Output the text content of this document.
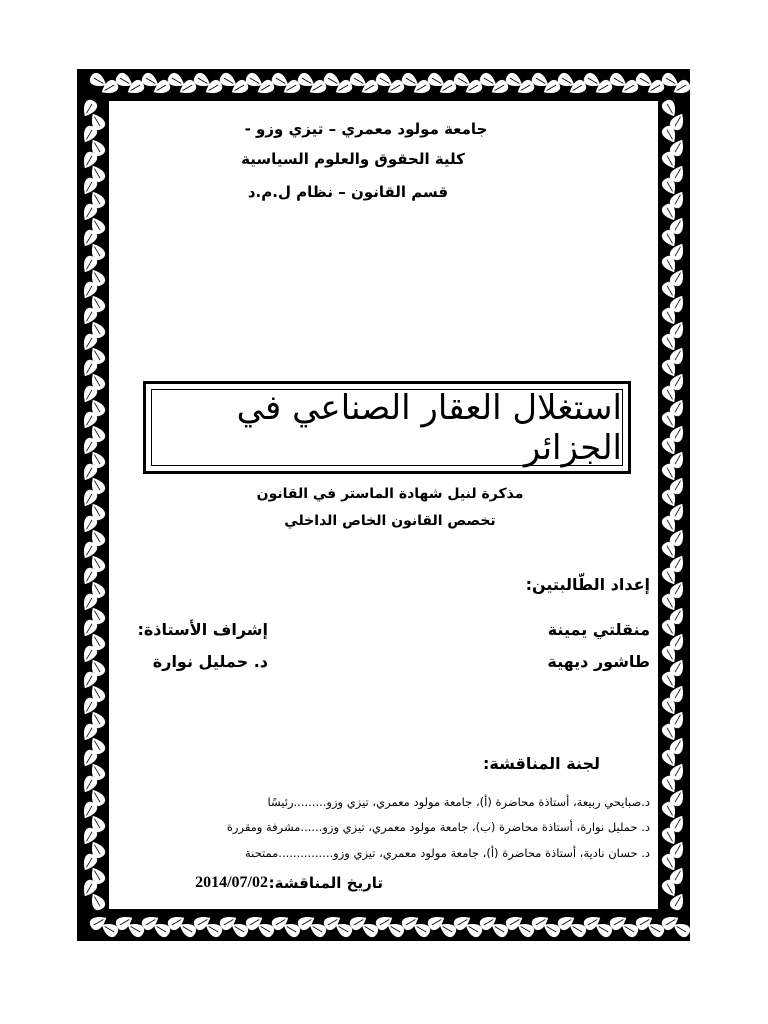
جامعة مولود معمري – تيزي وزو -
كلية الحقوق والعلوم السياسية
قسم القانون – نظام ل.م.د
استغلال العقار الصناعي في الجزائر
مذكرة لنيل شهادة الماستر في القانون
تخصص القانون الخاص الداخلي
إعداد الطّالبتين:
منقلتي يمينة
طاشور ديهية
إشراف الأستاذة:
د. حمليل نوارة
لجنة المناقشة:
د.صبايحي ربيعة، أستاذة محاضرة (أ)، جامعة مولود معمري، تيزي وزو.........رئيسًا
د. حمليل نوارة، أستاذة محاضرة (ب)، جامعة مولود معمري، تيزي وزو......مشرفة ومقررة
د. حسان نادية، أستاذة محاضرة (أ)، جامعة مولود معمري، تيزي وزو...............ممتحنة
تاريخ المناقشة:
2014/07/02
